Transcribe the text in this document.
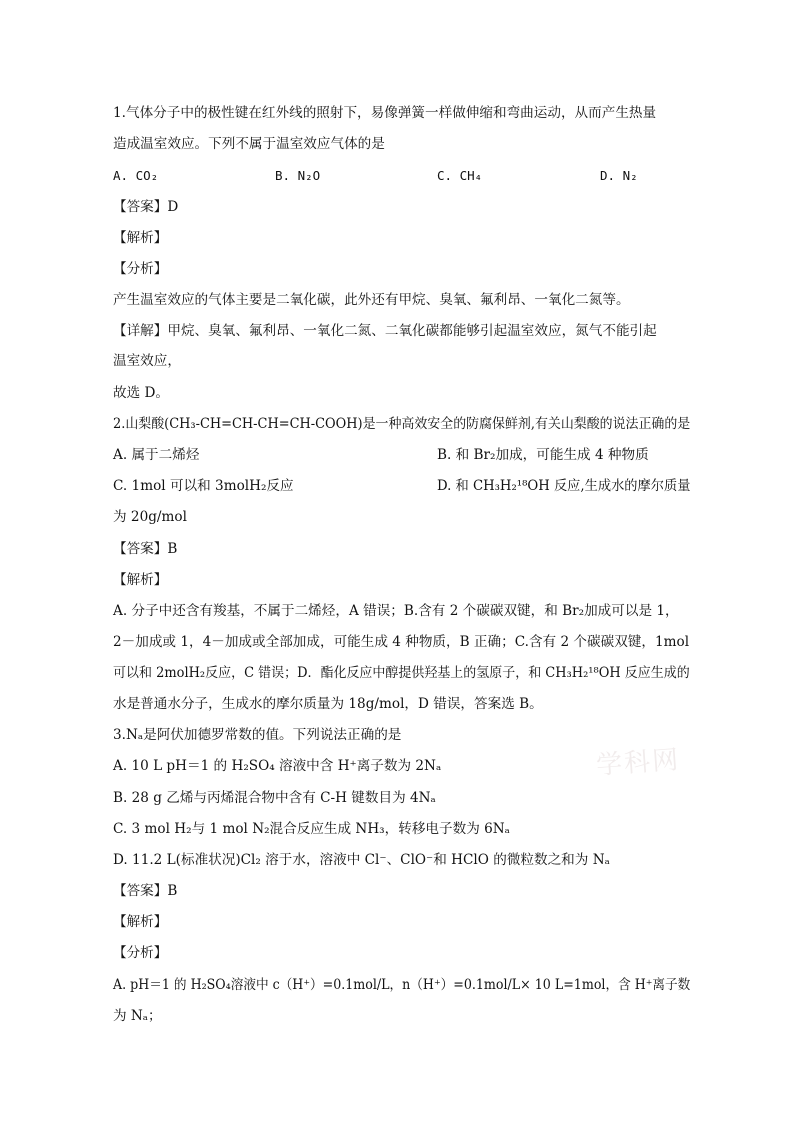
1.气体分子中的极性键在红外线的照射下，易像弹簧一样做伸缩和弯曲运动，从而产生热量
造成温室效应。下列不属于温室效应气体的是
A. CO₂	B. N₂O	C. CH₄	D. N₂
【答案】D
【解析】
【分析】
产生温室效应的气体主要是二氧化碳，此外还有甲烷、臭氧、氟利昂、一氧化二氮等。
【详解】甲烷、臭氧、氟利昂、一氧化二氮、二氧化碳都能够引起温室效应，氮气不能引起
温室效应，
故选 D。
2.山梨酸(CH₃-CH=CH-CH=CH-COOH)是一种高效安全的防腐保鲜剂,有关山梨酸的说法正确的是
A. 属于二烯烃	B. 和 Br₂加成，可能生成 4 种物质
C. 1mol 可以和 3molH₂反应	D. 和 CH₃H₂¹⁸OH 反应,生成水的摩尔质量
为 20g/mol
【答案】B
【解析】
A. 分子中还含有羧基，不属于二烯烃，A 错误；B.含有 2 个碳碳双键，和 Br₂加成可以是 1，
2－加成或 1，4－加成或全部加成，可能生成 4 种物质，B 正确；C.含有 2 个碳碳双键，1mol
可以和 2molH₂反应，C 错误；D．酯化反应中醇提供羟基上的氢原子，和 CH₃H₂¹⁸OH 反应生成的
水是普通水分子，生成水的摩尔质量为 18g/mol，D 错误，答案选 B。
3.Nₐ是阿伏加德罗常数的值。下列说法正确的是
A. 10 L pH＝1 的 H₂SO₄ 溶液中含 H⁺离子数为 2Nₐ
B. 28 g 乙烯与丙烯混合物中含有 C-H 键数目为 4Nₐ
C. 3 mol H₂与 1 mol N₂混合反应生成 NH₃，转移电子数为 6Nₐ
D. 11.2 L(标准状况)Cl₂ 溶于水，溶液中 Cl⁻、ClO⁻和 HClO 的微粒数之和为 Nₐ
【答案】B
【解析】
【分析】
A. pH＝1 的 H₂SO₄溶液中 c（H⁺）=0.1mol/L，n（H⁺）=0.1mol/L× 10 L=1mol，含 H⁺离子数
为 Nₐ；
学科网
